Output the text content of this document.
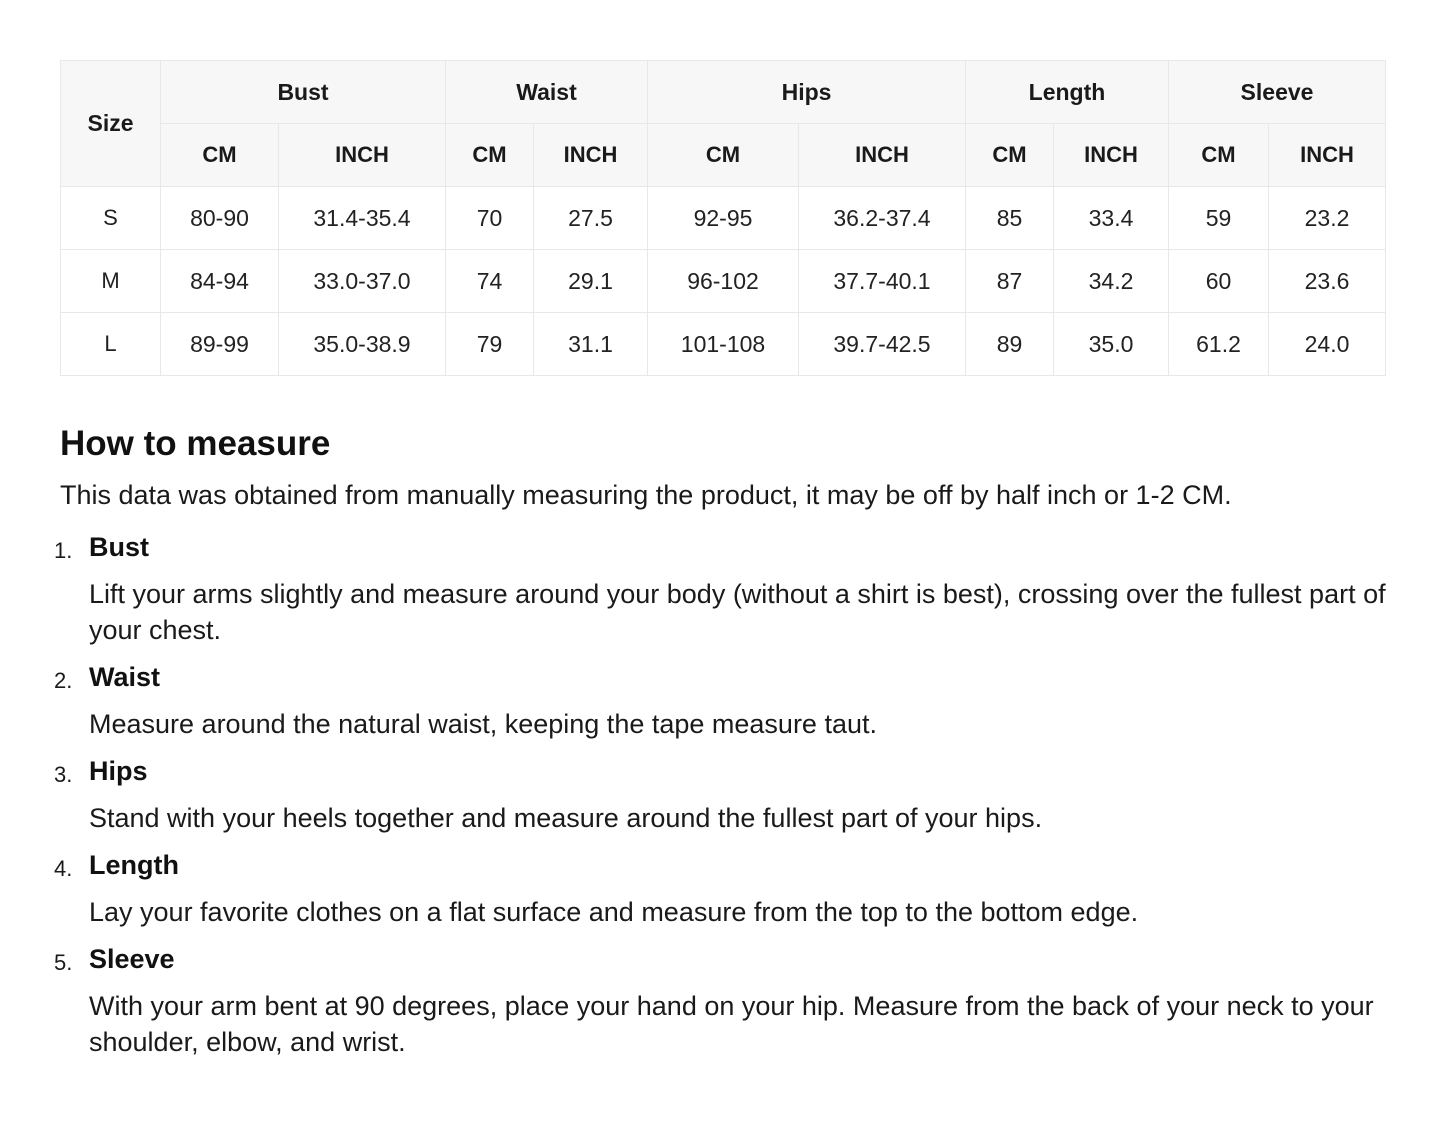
Size	Bust		Waist		Hips		Length		Sleeve	
	CM	INCH	CM	INCH	CM	INCH	CM	INCH	CM	INCH
S	80-90	31.4-35.4	70	27.5	92-95	36.2-37.4	85	33.4	59	23.2
M	84-94	33.0-37.0	74	29.1	96-102	37.7-40.1	87	34.2	60	23.6
L	89-99	35.0-38.9	79	31.1	101-108	39.7-42.5	89	35.0	61.2	24.0
How to measure

This data was obtained from manually measuring the product, it may be off by half inch or 1-2 CM.

1. Bust
Lift your arms slightly and measure around your body (without a shirt is best), crossing over the fullest part of your chest.
2. Waist
Measure around the natural waist, keeping the tape measure taut.
3. Hips
Stand with your heels together and measure around the fullest part of your hips.
4. Length
Lay your favorite clothes on a flat surface and measure from the top to the bottom edge.
5. Sleeve
With your arm bent at 90 degrees, place your hand on your hip. Measure from the back of your neck to your shoulder, elbow, and wrist.
